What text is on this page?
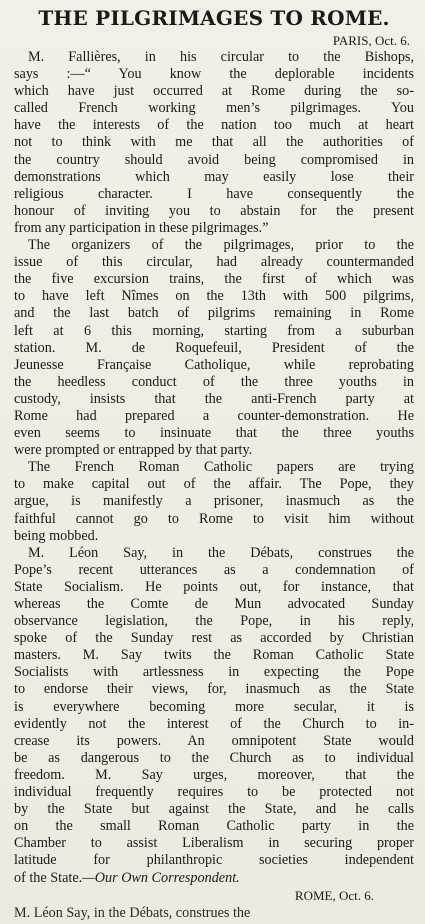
THE PILGRIMAGES TO ROME.
PARIS, Oct. 6.
M. Fallières, in his circular to the Bishops,
says :—“ You know the deplorable incidents
which have just occurred at Rome during the so-
called French working men’s pilgrimages. You
have the interests of the nation too much at heart
not to think with me that all the authorities of
the country should avoid being compromised in
demonstrations which may easily lose their
religious character. I have consequently the
honour of inviting you to abstain for the present
from any participation in these pilgrimages.”
The organizers of the pilgrimages, prior to the
issue of this circular, had already countermanded
the five excursion trains, the first of which was
to have left Nîmes on the 13th with 500 pilgrims,
and the last batch of pilgrims remaining in Rome
left at 6 this morning, starting from a suburban
station. M. de Roquefeuil, President of the
Jeunesse Française Catholique, while reprobating
the heedless conduct of the three youths in
custody, insists that the anti-French party at
Rome had prepared a counter-demonstration. He
even seems to insinuate that the three youths
were prompted or entrapped by that party.
The French Roman Catholic papers are trying
to make capital out of the affair. The Pope, they
argue, is manifestly a prisoner, inasmuch as the
faithful cannot go to Rome to visit him without
being mobbed.
M. Léon Say, in the Débats, construes the
Pope’s recent utterances as a condemnation of
State Socialism. He points out, for instance, that
whereas the Comte de Mun advocated Sunday
observance legislation, the Pope, in his reply,
spoke of the Sunday rest as accorded by Christian
masters. M. Say twits the Roman Catholic State
Socialists with artlessness in expecting the Pope
to endorse their views, for, inasmuch as the State
is everywhere becoming more secular, it is
evidently not the interest of the Church to in-
crease its powers. An omnipotent State would
be as dangerous to the Church as to individual
freedom. M. Say urges, moreover, that the
individual frequently requires to be protected not
by the State but against the State, and he calls
on the small Roman Catholic party in the
Chamber to assist Liberalism in securing proper
latitude for philanthropic societies independent
of the State.—Our Own Correspondent.
ROME, Oct. 6.
M. Léon Say, in the Débats, construes the
